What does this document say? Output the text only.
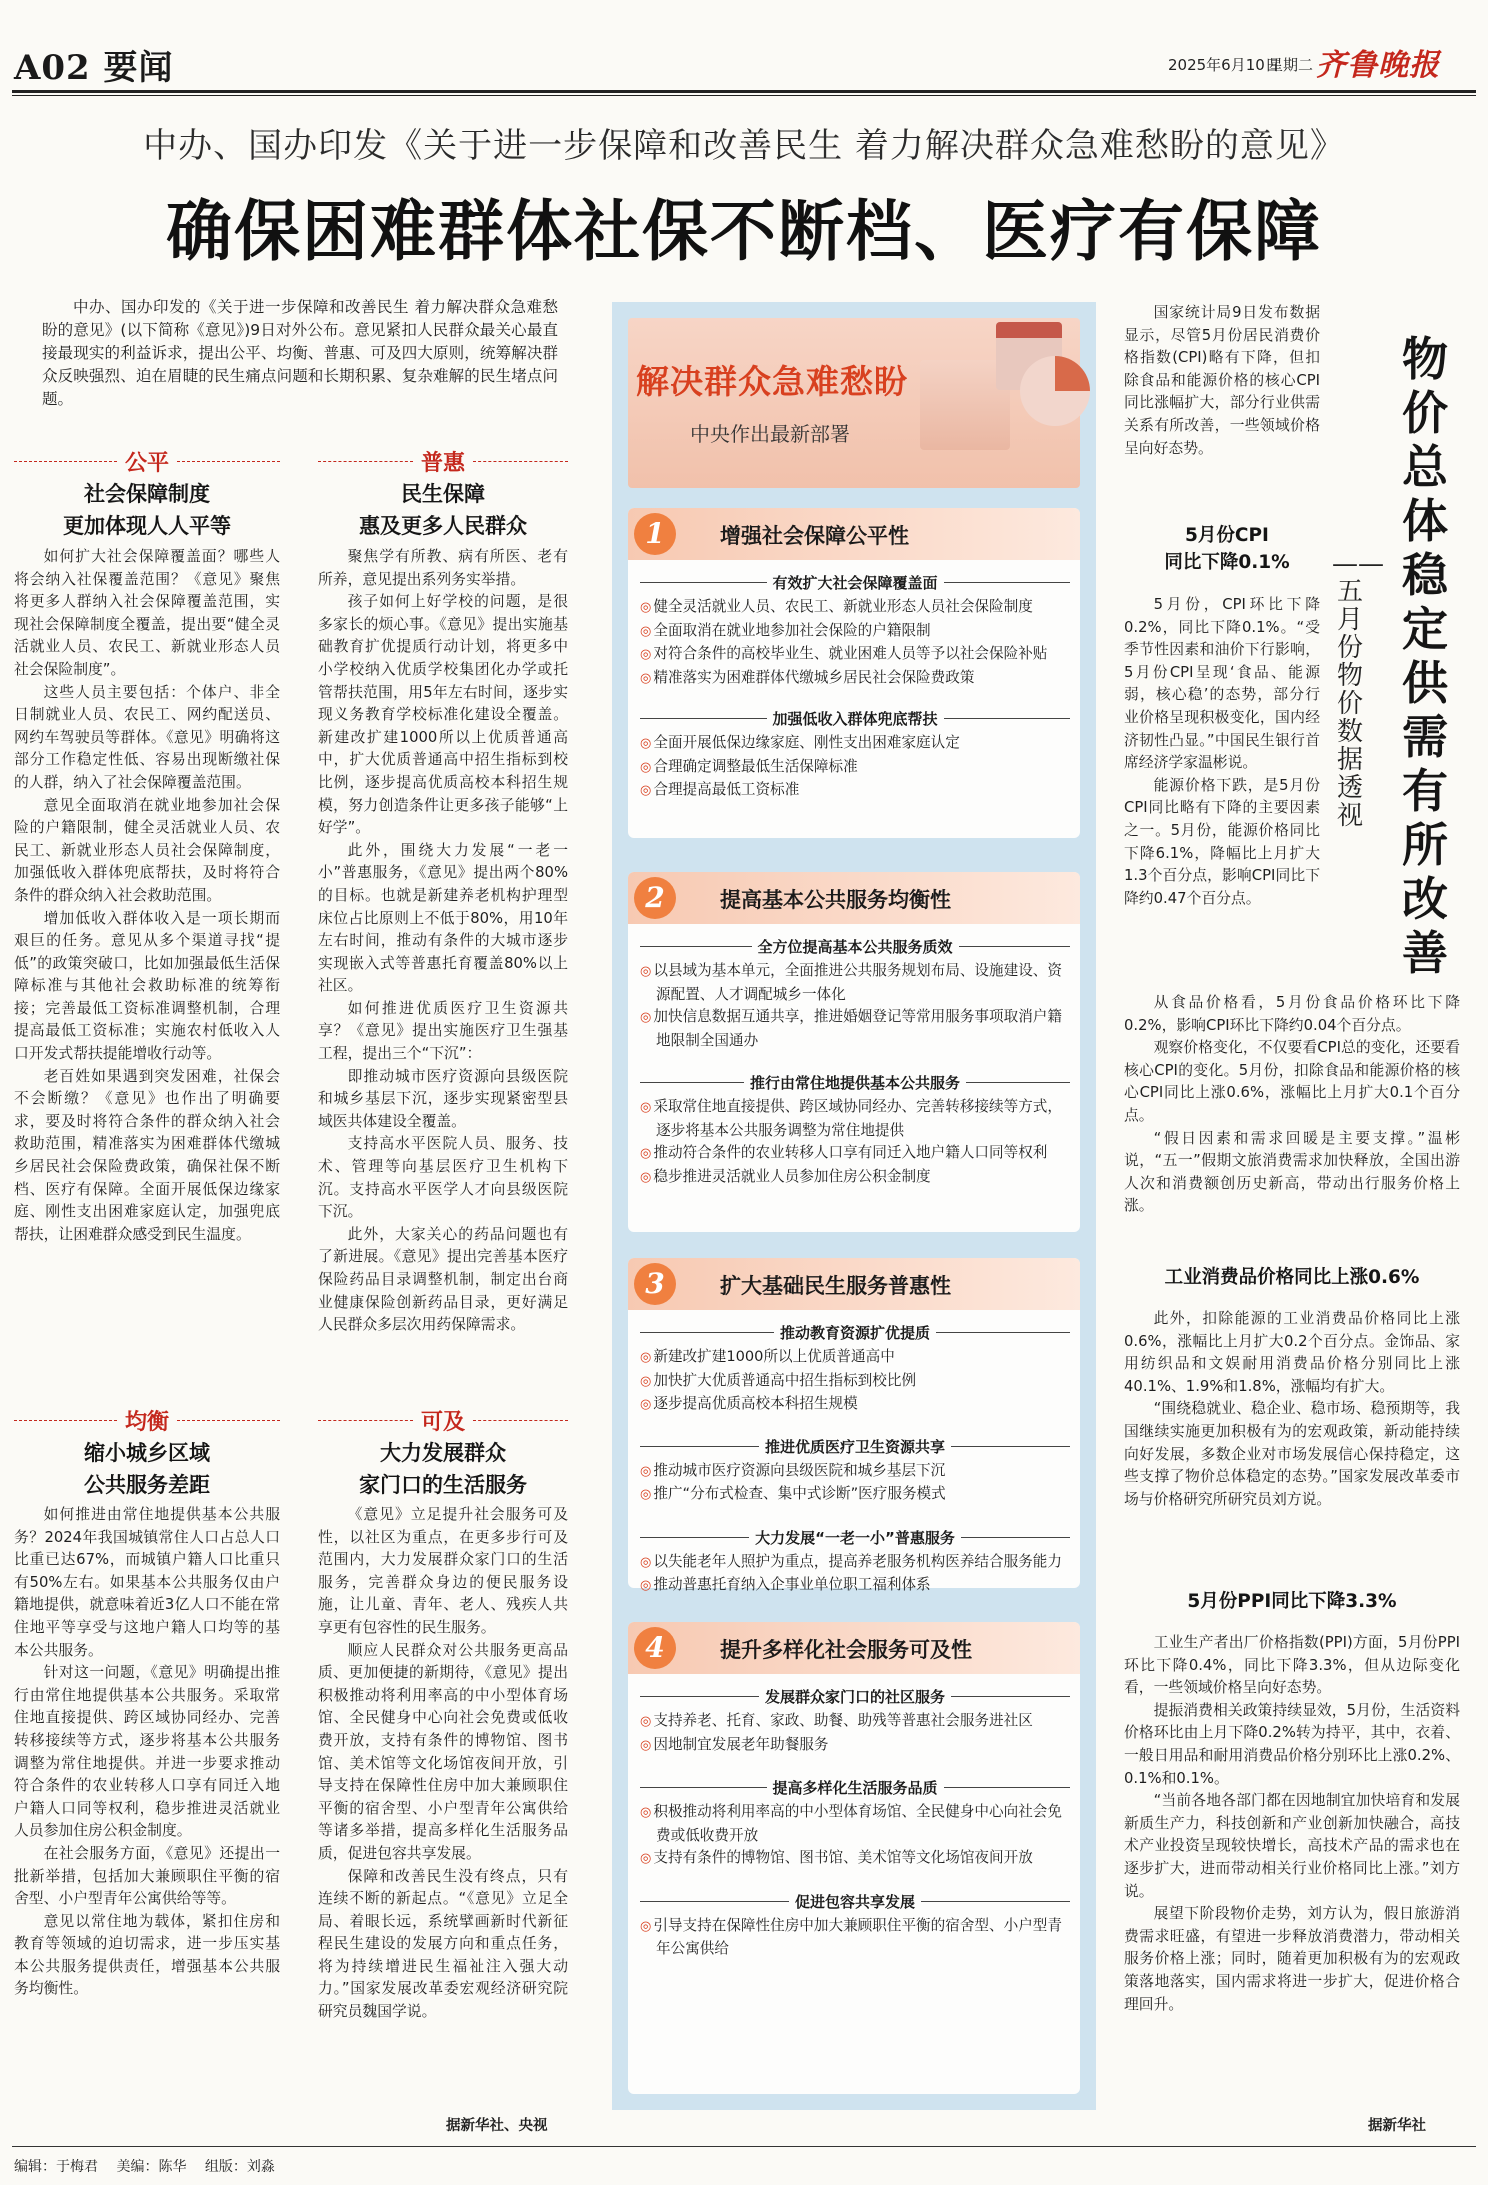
A02 要闻	2025年6月10日
星期二 齐鲁晚报
中办、国办印发《关于进一步保障和改善民生 着力解决群众急难愁盼的意见》
确保困难群体社保不断档、医疗有保障
中办、国办印发的《关于进一步保障和改善民生 着力解决群众急难愁盼的意见》(以下简称《意见》)9日对外公布。意见紧扣人民群众最关心最直接最现实的利益诉求，提出公平、均衡、普惠、可及四大原则，统筹解决群众反映强烈、迫在眉睫的民生痛点问题和长期积累、复杂难解的民生堵点问题。
公平
社会保障制度
更加体现人人平等

如何扩大社会保障覆盖面？哪些人将会纳入社保覆盖范围？《意见》聚焦将更多人群纳入社会保障覆盖范围，实现社会保障制度全覆盖，提出要“健全灵活就业人员、农民工、新就业形态人员社会保险制度”。

这些人员主要包括：个体户、非全日制就业人员、农民工、网约配送员、网约车驾驶员等群体。《意见》明确将这部分工作稳定性低、容易出现断缴社保的人群，纳入了社会保障覆盖范围。

意见全面取消在就业地参加社会保险的户籍限制，健全灵活就业人员、农民工、新就业形态人员社会保障制度，加强低收入群体兜底帮扶，及时将符合条件的群众纳入社会救助范围。

增加低收入群体收入是一项长期而艰巨的任务。意见从多个渠道寻找“提低”的政策突破口，比如加强最低生活保障标准与其他社会救助标准的统筹衔接；完善最低工资标准调整机制，合理提高最低工资标准；实施农村低收入人口开发式帮扶提能增收行动等。

老百姓如果遇到突发困难，社保会不会断缴？《意见》也作出了明确要求，要及时将符合条件的群众纳入社会救助范围，精准落实为困难群体代缴城乡居民社会保险费政策，确保社保不断档、医疗有保障。全面开展低保边缘家庭、刚性支出困难家庭认定，加强兜底帮扶，让困难群众感受到民生温度。

均衡
缩小城乡区域
公共服务差距

如何推进由常住地提供基本公共服务？2024年我国城镇常住人口占总人口比重已达67%，而城镇户籍人口比重只有50%左右。如果基本公共服务仅由户籍地提供，就意味着近3亿人口不能在常住地平等享受与这地户籍人口均等的基本公共服务。

针对这一问题，《意见》明确提出推行由常住地提供基本公共服务。采取常住地直接提供、跨区域协同经办、完善转移接续等方式，逐步将基本公共服务调整为常住地提供。并进一步要求推动符合条件的农业转移人口享有同迁入地户籍人口同等权利，稳步推进灵活就业人员参加住房公积金制度。

在社会服务方面，《意见》还提出一批新举措，包括加大兼顾职住平衡的宿舍型、小户型青年公寓供给等等。

意见以常住地为载体，紧扣住房和教育等领域的迫切需求，进一步压实基本公共服务提供责任，增强基本公共服务均衡性。

普惠
民生保障
惠及更多人民群众

聚焦学有所教、病有所医、老有所养，意见提出系列务实举措。

孩子如何上好学校的问题，是很多家长的烦心事。《意见》提出实施基础教育扩优提质行动计划，将更多中小学校纳入优质学校集团化办学或托管帮扶范围，用5年左右时间，逐步实现义务教育学校标准化建设全覆盖。新建改扩建1000所以上优质普通高中，扩大优质普通高中招生指标到校比例，逐步提高优质高校本科招生规模，努力创造条件让更多孩子能够“上好学”。

此外，围绕大力发展“一老一小”普惠服务，《意见》提出两个80%的目标。也就是新建养老机构护理型床位占比原则上不低于80%，用10年左右时间，推动有条件的大城市逐步实现嵌入式等普惠托育覆盖80%以上社区。

如何推进优质医疗卫生资源共享？《意见》提出实施医疗卫生强基工程，提出三个“下沉”：

即推动城市医疗资源向县级医院和城乡基层下沉，逐步实现紧密型县域医共体建设全覆盖。

支持高水平医院人员、服务、技术、管理等向基层医疗卫生机构下沉。支持高水平医学人才向县级医院下沉。

此外，大家关心的药品问题也有了新进展。《意见》提出完善基本医疗保险药品目录调整机制，制定出台商业健康保险创新药品目录，更好满足人民群众多层次用药保障需求。

可及
大力发展群众
家门口的生活服务

《意见》立足提升社会服务可及性，以社区为重点，在更多步行可及范围内，大力发展群众家门口的生活服务，完善群众身边的便民服务设施，让儿童、青年、老人、残疾人共享更有包容性的民生服务。

顺应人民群众对公共服务更高品质、更加便捷的新期待，《意见》提出积极推动将利用率高的中小型体育场馆、全民健身中心向社会免费或低收费开放，支持有条件的博物馆、图书馆、美术馆等文化场馆夜间开放，引导支持在保障性住房中加大兼顾职住平衡的宿舍型、小户型青年公寓供给等诸多举措，提高多样化生活服务品质，促进包容共享发展。

保障和改善民生没有终点，只有连续不断的新起点。“《意见》立足全局、着眼长远，系统擘画新时代新征程民生建设的发展方向和重点任务，将为持续增进民生福祉注入强大动力。”国家发展改革委宏观经济研究院研究员魏国学说。

据新华社、央视
解决群众急难愁盼
中央作出最新部署
1	增强社会保障公平性
有效扩大社会保障覆盖面
◎ 健全灵活就业人员、农民工、新就业形态人员社会保险制度
◎ 全面取消在就业地参加社会保险的户籍限制
◎ 对符合条件的高校毕业生、就业困难人员等予以社会保险补贴
◎ 精准落实为困难群体代缴城乡居民社会保险费政策
加强低收入群体兜底帮扶
◎ 全面开展低保边缘家庭、刚性支出困难家庭认定
◎ 合理确定调整最低生活保障标准
◎ 合理提高最低工资标准
2	提高基本公共服务均衡性
全方位提高基本公共服务质效
◎ 以县域为基本单元，全面推进公共服务规划布局、设施建设、资源配置、人才调配城乡一体化
◎ 加快信息数据互通共享，推进婚姻登记等常用服务事项取消户籍地限制全国通办
推行由常住地提供基本公共服务
◎ 采取常住地直接提供、跨区域协同经办、完善转移接续等方式，逐步将基本公共服务调整为常住地提供
◎ 推动符合条件的农业转移人口享有同迁入地户籍人口同等权利
◎ 稳步推进灵活就业人员参加住房公积金制度
3	扩大基础民生服务普惠性
推动教育资源扩优提质
◎ 新建改扩建1000所以上优质普通高中
◎ 加快扩大优质普通高中招生指标到校比例
◎ 逐步提高优质高校本科招生规模
推进优质医疗卫生资源共享
◎ 推动城市医疗资源向县级医院和城乡基层下沉
◎ 推广“分布式检查、集中式诊断”医疗服务模式
大力发展“一老一小”普惠服务
◎ 以失能老年人照护为重点，提高养老服务机构医养结合服务能力
◎ 推动普惠托育纳入企事业单位职工福利体系
4	提升多样化社会服务可及性
发展群众家门口的社区服务
◎ 支持养老、托育、家政、助餐、助残等普惠社会服务进社区
◎ 因地制宜发展老年助餐服务
提高多样化生活服务品质
◎ 积极推动将利用率高的中小型体育场馆、全民健身中心向社会免费或低收费开放
◎ 支持有条件的博物馆、图书馆、美术馆等文化场馆夜间开放
促进包容共享发展
◎ 引导支持在保障性住房中加大兼顾职住平衡的宿舍型、小户型青年公寓供给
物价总体稳定 供需有所改善
——五月份物价数据透视

国家统计局9日发布数据显示，尽管5月份居民消费价格指数(CPI)略有下降，但扣除食品和能源价格的核心CPI同比涨幅扩大，部分行业供需关系有所改善，一些领域价格呈向好态势。

5月份CPI
同比下降0.1%

5月份，CPI环比下降0.2%，同比下降0.1%。“受季节性因素和油价下行影响，5月份CPI呈现‘食品、能源弱，核心稳’的态势，部分行业价格呈现积极变化，国内经济韧性凸显。”中国民生银行首席经济学家温彬说。

能源价格下跌，是5月份CPI同比略有下降的主要因素之一。5月份，能源价格同比下降6.1%，降幅比上月扩大1.3个百分点，影响CPI同比下降约0.47个百分点。

从食品价格看，5月份食品价格环比下降0.2%，影响CPI环比下降约0.04个百分点。

观察价格变化，不仅要看CPI总的变化，还要看核心CPI的变化。5月份，扣除食品和能源价格的核心CPI同比上涨0.6%，涨幅比上月扩大0.1个百分点。

“假日因素和需求回暖是主要支撑。”温彬说，“五一”假期文旅消费需求加快释放，全国出游人次和消费额创历史新高，带动出行服务价格上涨。

工业消费品价格同比上涨0.6%

此外，扣除能源的工业消费品价格同比上涨0.6%，涨幅比上月扩大0.2个百分点。金饰品、家用纺织品和文娱耐用消费品价格分别同比上涨40.1%、1.9%和1.8%，涨幅均有扩大。

“围绕稳就业、稳企业、稳市场、稳预期等，我国继续实施更加积极有为的宏观政策，新动能持续向好发展，多数企业对市场发展信心保持稳定，这些支撑了物价总体稳定的态势。”国家发展改革委市场与价格研究所研究员刘方说。

5月份PPI同比下降3.3%

工业生产者出厂价格指数(PPI)方面，5月份PPI环比下降0.4%，同比下降3.3%，但从边际变化看，一些领域价格呈向好态势。

提振消费相关政策持续显效，5月份，生活资料价格环比由上月下降0.2%转为持平，其中，衣着、一般日用品和耐用消费品价格分别环比上涨0.2%、0.1%和0.1%。

“当前各地各部门都在因地制宜加快培育和发展新质生产力，科技创新和产业创新加快融合，高技术产业投资呈现较快增长，高技术产品的需求也在逐步扩大，进而带动相关行业价格同比上涨。”刘方说。

展望下阶段物价走势，刘方认为，假日旅游消费需求旺盛，有望进一步释放消费潜力，带动相关服务价格上涨；同时，随着更加积极有为的宏观政策落地落实，国内需求将进一步扩大，促进价格合理回升。

据新华社
编辑：于梅君 美编：陈华 组版：刘淼
